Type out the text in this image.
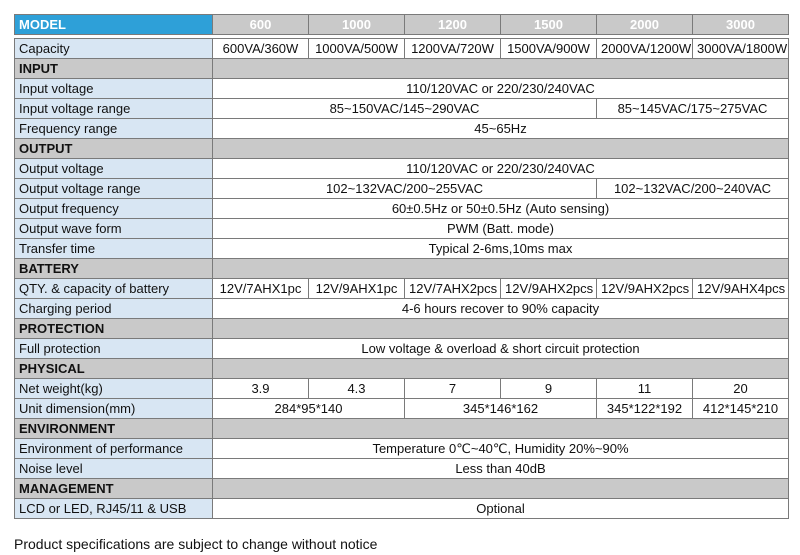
MODEL	600	1000	1200	1500	2000	3000

Capacity	600VA/360W	1000VA/500W	1200VA/720W	1500VA/900W	2000VA/1200W	3000VA/1800W
INPUT						
Input voltage	110/120VAC or 220/230/240VAC					
Input voltage range	85~150VAC/145~290VAC				85~145VAC/175~275VAC	
Frequency range	45~65Hz					
OUTPUT						
Output voltage	110/120VAC or 220/230/240VAC					
Output voltage range	102~132VAC/200~255VAC				102~132VAC/200~240VAC	
Output frequency	60±0.5Hz or 50±0.5Hz (Auto sensing)					
Output wave form	PWM (Batt. mode)					
Transfer time	Typical 2-6ms,10ms max					
BATTERY						
QTY. & capacity of battery	12V/7AHX1pc	12V/9AHX1pc	12V/7AHX2pcs	12V/9AHX2pcs	12V/9AHX2pcs	12V/9AHX4pcs
Charging period	4-6 hours recover to 90% capacity					
PROTECTION						
Full protection	Low voltage & overload & short circuit protection					
PHYSICAL						
Net weight(kg)	3.9	4.3	7	9	11	20
Unit dimension(mm)	284*95*140		345*146*162		345*122*192	412*145*210
ENVIRONMENT						
Environment of performance	Temperature 0℃~40℃, Humidity 20%~90%					
Noise level	Less than 40dB					
MANAGEMENT						
LCD or LED, RJ45/11 & USB	Optional					
Product specifications are subject to change without notice
